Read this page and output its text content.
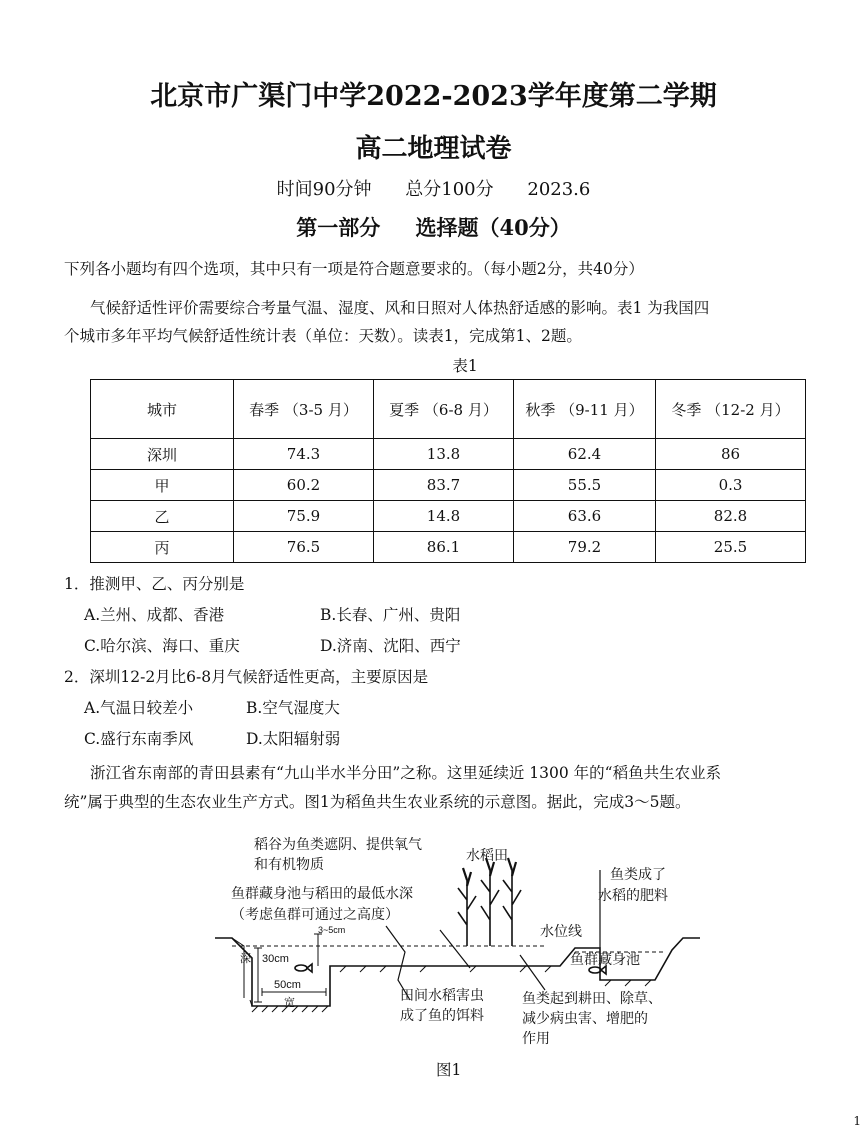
北京市广渠门中学2022-2023学年度第二学期
高二地理试卷
时间90分钟 总分100分 2023.6
第一部分 选择题（40分）
下列各小题均有四个选项，其中只有一项是符合题意要求的。（每小题2分，共40分）
气候舒适性评价需要综合考量气温、湿度、风和日照对人体热舒适感的影响。表1 为我国四
个城市多年平均气候舒适性统计表（单位：天数）。读表1，完成第1、2题。
表1
城市	春季 （3-5 月）	夏季 （6-8 月）	秋季 （9-11 月）	冬季 （12-2 月）
深圳	74.3	13.8	62.4	86
甲	60.2	83.7	55.5	0.3
乙	75.9	14.8	63.6	82.8
丙	76.5	86.1	79.2	25.5
1．推测甲、乙、丙分别是
A.兰州、成都、香港	B.长春、广州、贵阳
C.哈尔滨、海口、重庆	D.济南、沈阳、西宁
2．深圳12-2月比6-8月气候舒适性更高，主要原因是
A.气温日较差小	B.空气湿度大
C.盛行东南季风	D.太阳辐射弱
浙江省东南部的青田县素有“九山半水半分田”之称。这里延续近 1300 年的“稻鱼共生农业系
统”属于典型的生态农业生产方式。图1为稻鱼共生农业系统的示意图。据此，完成3～5题。
稻谷为鱼类遮阴、提供氧气
和有机物质
水稻田
鱼群藏身池与稻田的最低水深
（考虑鱼群可通过之高度）
3~5cm
鱼类成了
水稻的肥料
水位线
鱼群藏身池
深 30cm
50cm
宽	田间水稻害虫
成了鱼的饵料
鱼类起到耕田、除草、
减少病虫害、增肥的
作用
图1
1
